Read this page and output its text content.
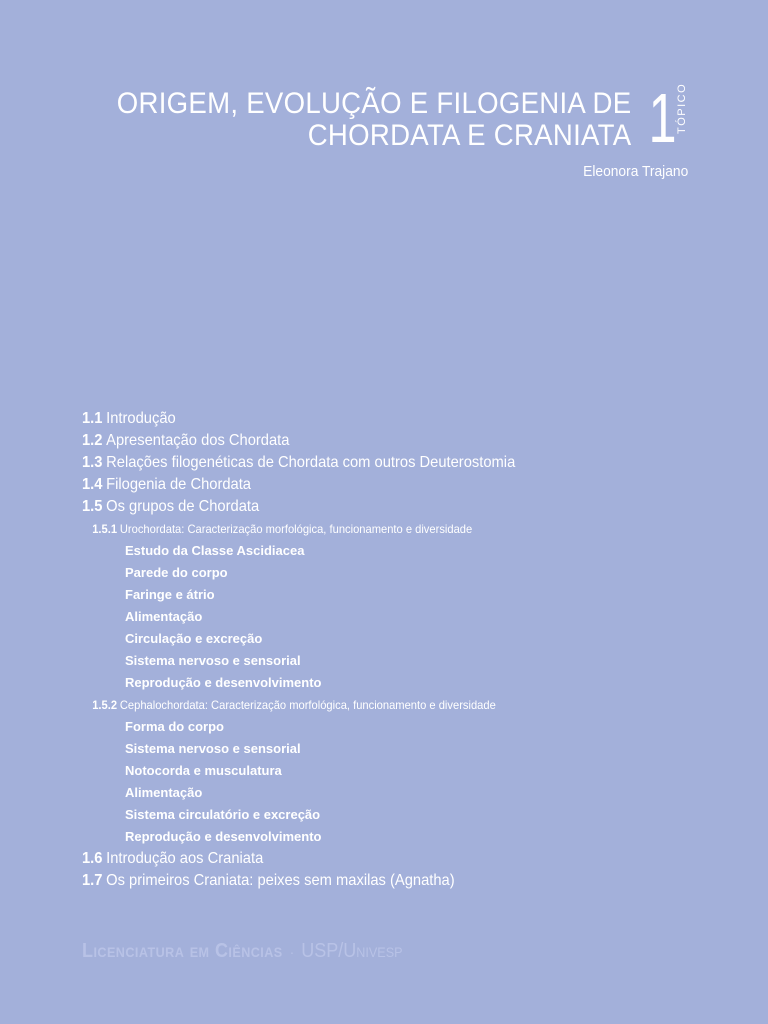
ORIGEM, EVOLUÇÃO E FILOGENIA DE
CHORDATA E CRANIATA 1 TÓPICO
Eleonora Trajano
1.1 Introdução
1.2 Apresentação dos Chordata
1.3 Relações filogenéticas de Chordata com outros Deuterostomia
1.4 Filogenia de Chordata
1.5 Os grupos de Chordata
1.5.1 Urochordata: Caracterização morfológica, funcionamento e diversidade
Estudo da Classe Ascidiacea
Parede do corpo
Faringe e átrio
Alimentação
Circulação e excreção
Sistema nervoso e sensorial
Reprodução e desenvolvimento
1.5.2 Cephalochordata: Caracterização morfológica, funcionamento e diversidade
Forma do corpo
Sistema nervoso e sensorial
Notocorda e musculatura
Alimentação
Sistema circulatório e excreção
Reprodução e desenvolvimento
1.6 Introdução aos Craniata
1.7 Os primeiros Craniata: peixes sem maxilas (Agnatha)
Licenciatura em Ciências · USP/Univesp
